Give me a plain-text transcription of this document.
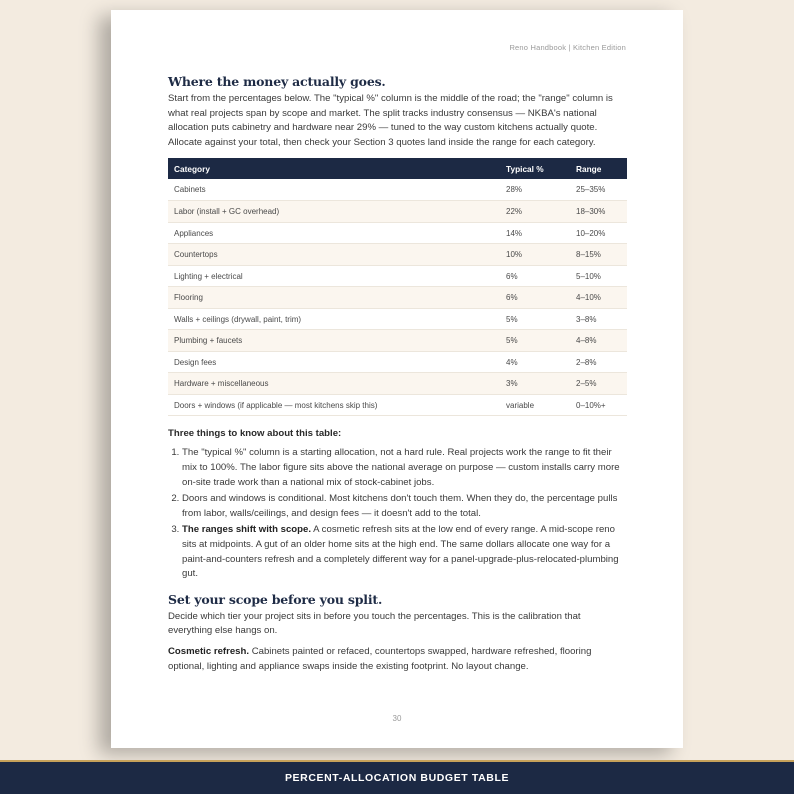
Reno Handbook | Kitchen Edition
Where the money actually goes.

Start from the percentages below. The "typical %" column is the middle of the road; the "range" column is what real projects span by scope and market. The split tracks industry consensus — NKBA's national allocation puts cabinetry and hardware near 29% — tuned to the way custom kitchens actually quote. Allocate against your total, then check your Section 3 quotes land inside the range for each category.

Category	Typical %	Range
Cabinets	28%	25–35%
Labor (install + GC overhead)	22%	18–30%
Appliances	14%	10–20%
Countertops	10%	8–15%
Lighting + electrical	6%	5–10%
Flooring	6%	4–10%
Walls + ceilings (drywall, paint, trim)	5%	3–8%
Plumbing + faucets	5%	4–8%
Design fees	4%	2–8%
Hardware + miscellaneous	3%	2–5%
Doors + windows (if applicable — most kitchens skip this)	variable	0–10%+
Three things to know about this table:
1. The "typical %" column is a starting allocation, not a hard rule. Real projects work the range to fit their mix to 100%. The labor figure sits above the national average on purpose — custom installs carry more on-site trade work than a national mix of stock-cabinet jobs.
2. Doors and windows is conditional. Most kitchens don't touch them. When they do, the percentage pulls from labor, walls/ceilings, and design fees — it doesn't add to the total.
3. The ranges shift with scope. A cosmetic refresh sits at the low end of every range. A mid-scope reno sits at midpoints. A gut of an older home sits at the high end. The same dollars allocate one way for a paint-and-counters refresh and a completely different way for a panel-upgrade-plus-relocated-plumbing gut.
Set your scope before you split.

Decide which tier your project sits in before you touch the percentages. This is the calibration that everything else hangs on.

Cosmetic refresh. Cabinets painted or refaced, countertops swapped, hardware refreshed, flooring optional, lighting and appliance swaps inside the existing footprint. No layout change.

30
PERCENT-ALLOCATION BUDGET TABLE
